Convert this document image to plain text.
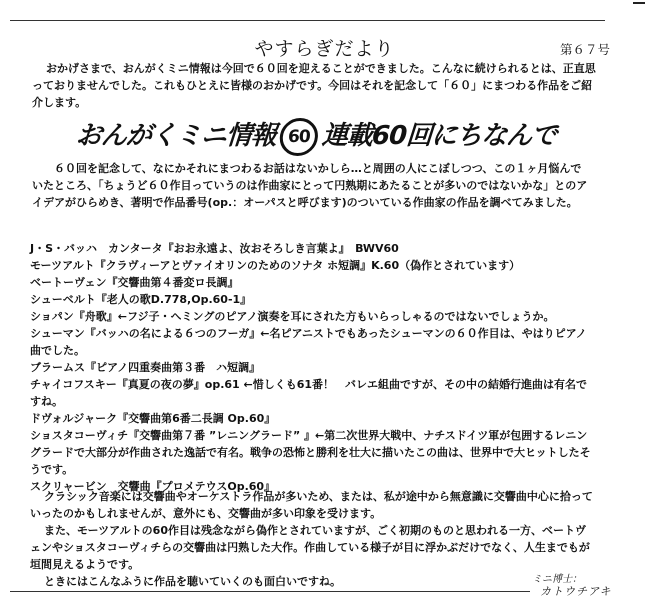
やすらぎだより	第６７号
おかげさまで、おんがくミニ情報は今回で６０回を迎えることができました。こんなに続けられるとは、正直思っておりませんでした。これもひとえに皆様のおかげです。今回はそれを記念して「６０」にまつわる作品をご紹介します。
おんがくミニ情報 60 連載60回にちなんで
６０回を記念して、なにかそれにまつわるお話はないかしら…と周囲の人にこぼしつつ、この１ヶ月悩んでいたところ、「ちょうど６０作目っていうのは作曲家にとって円熟期にあたることが多いのではないかな」とのアイデアがひらめき、著明で作品番号(op.：オーパスと呼びます)のついている作曲家の作品を調べてみました。
J・S・バッハ　カンタータ『おお永遠よ、汝おそろしき言葉よ』　BWV60
モーツアルト『クラヴィーアとヴァイオリンのためのソナタ ホ短調』K.60（偽作とされています）
ベートーヴェン『交響曲第４番変ロ長調』
シューベルト『老人の歌D.778,Op.60-1』
ショパン『舟歌』←フジ子・ヘミングのピアノ演奏を耳にされた方もいらっしゃるのではないでしょうか。
シューマン『バッハの名による６つのフーガ』←名ピアニストでもあったシューマンの６０作目は、やはりピアノ曲でした。
ブラームス『ピアノ四重奏曲第３番　ハ短調』
チャイコフスキー『真夏の夜の夢』op.61 ←惜しくも61番！　バレエ組曲ですが、その中の結婚行進曲は有名ですね。
ドヴォルジャーク『交響曲第6番二長調 Op.60』
ショスタコーヴィチ『交響曲第７番 ”レニングラード” 』←第二次世界大戦中、ナチスドイツ軍が包囲するレニングラードで大部分が作曲された逸話で有名。戦争の恐怖と勝利を壮大に描いたこの曲は、世界中で大ヒットしたそうです。
スクリャービン　交響曲『プロメテウスOp.60』

クラシック音楽には交響曲やオーケストラ作品が多いため、または、私が途中から無意識に交響曲中心に拾っていったのかもしれませんが、意外にも、交響曲が多い印象を受けます。

また、モーツアルトの60作目は残念ながら偽作とされていますが、ごく初期のものと思われる一方、ベートヴェンやショスタコーヴィチらの交響曲は円熟した大作。作曲している様子が目に浮かぶだけでなく、人生までもが垣間見えるようです。

ときにはこんなふうに作品を聴いていくのも面白いですね。	ミニ博士：
カトウチアキ
